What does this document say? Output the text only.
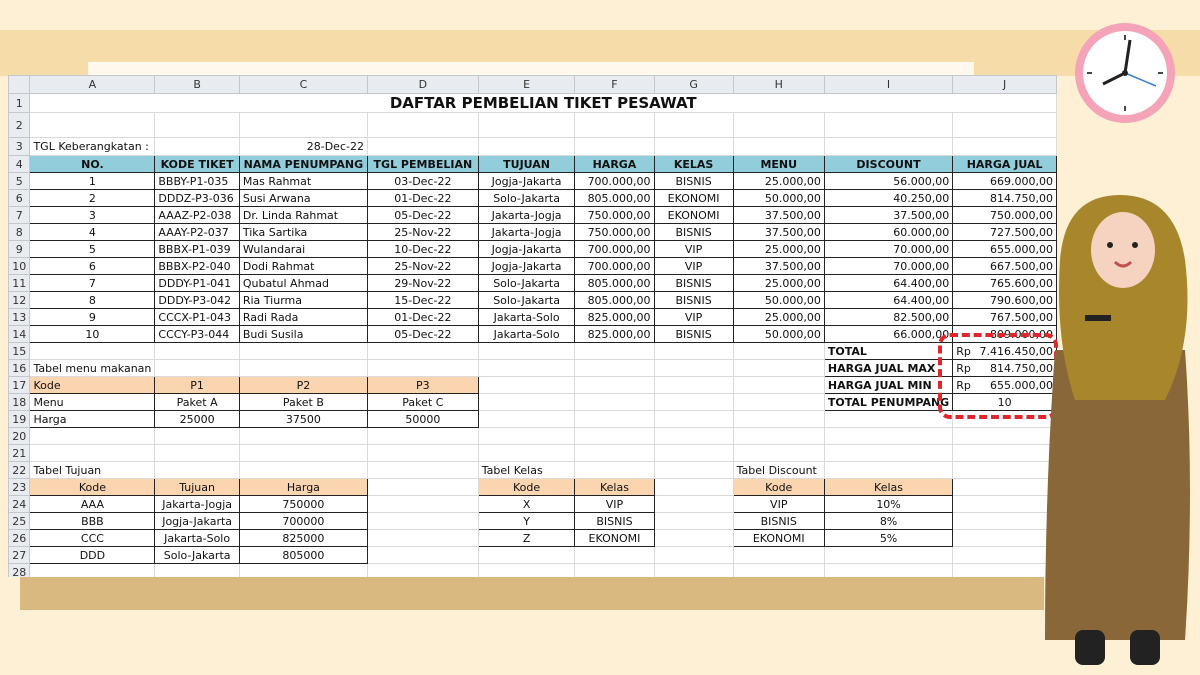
	A	B	C	D	E	F	G	H	I	J
1	DAFTAR PEMBELIAN TIKET PESAWAT									
2										
3	TGL Keberangkatan :		28-Dec-22							
4	NO.	KODE TIKET	NAMA PENUMPANG	TGL PEMBELIAN	TUJUAN	HARGA	KELAS	MENU	DISCOUNT	HARGA JUAL
5	1	BBBY-P1-035	Mas Rahmat	03-Dec-22	Jogja-Jakarta	700.000,00	BISNIS	25.000,00	56.000,00	669.000,00
6	2	DDDZ-P3-036	Susi Arwana	01-Dec-22	Solo-Jakarta	805.000,00	EKONOMI	50.000,00	40.250,00	814.750,00
7	3	AAAZ-P2-038	Dr. Linda Rahmat	05-Dec-22	Jakarta-Jogja	750.000,00	EKONOMI	37.500,00	37.500,00	750.000,00
8	4	AAAY-P2-037	Tika Sartika	25-Nov-22	Jakarta-Jogja	750.000,00	BISNIS	37.500,00	60.000,00	727.500,00
9	5	BBBX-P1-039	Wulandarai	10-Dec-22	Jogja-Jakarta	700.000,00	VIP	25.000,00	70.000,00	655.000,00
10	6	BBBX-P2-040	Dodi Rahmat	25-Nov-22	Jogja-Jakarta	700.000,00	VIP	37.500,00	70.000,00	667.500,00
11	7	DDDY-P1-041	Qubatul Ahmad	29-Nov-22	Solo-Jakarta	805.000,00	BISNIS	25.000,00	64.400,00	765.600,00
12	8	DDDY-P3-042	Ria Tiurma	15-Dec-22	Solo-Jakarta	805.000,00	BISNIS	50.000,00	64.400,00	790.600,00
13	9	CCCX-P1-043	Radi Rada	01-Dec-22	Jakarta-Solo	825.000,00	VIP	25.000,00	82.500,00	767.500,00
14	10	CCCY-P3-044	Budi Susila	05-Dec-22	Jakarta-Solo	825.000,00	BISNIS	50.000,00	66.000,00	809.000,00
15									TOTAL	Rp 7.416.450,00

16	Tabel menu makanan								HARGA JUAL MAX	Rp 814.750,00

17	Kode	P1	P2	P3					HARGA JUAL MIN	Rp 655.000,00

18	Menu	Paket A	Paket B	Paket C					TOTAL PENUMPANG	10
19	Harga	25000	37500	50000						
20										
21										
22	Tabel Tujuan				Tabel Kelas			Tabel Discount		
23	Kode	Tujuan	Harga		Kode	Kelas		Kode	Kelas	
24	AAA	Jakarta-Jogja	750000		X	VIP		VIP	10%	
25	BBB	Jogja-Jakarta	700000		Y	BISNIS		BISNIS	8%	
26	CCC	Jakarta-Solo	825000		Z	EKONOMI		EKONOMI	5%	
27	DDD	Solo-Jakarta	805000							
28										
